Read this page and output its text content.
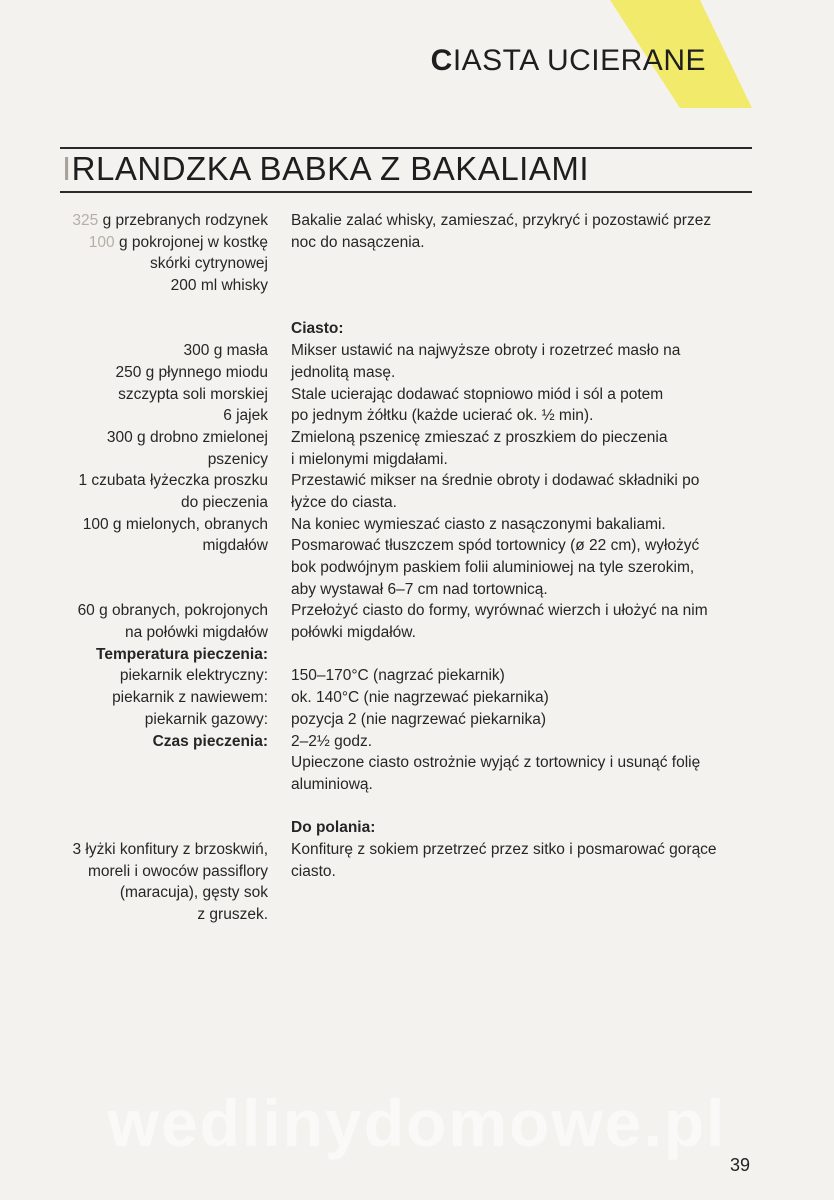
CIASTA UCIERANE
IRLANDZKA BABKA Z BAKALIAMI
325 g przebranych rodzynek
100 g pokrojonej w kostkę
skórki cytrynowej
200 ml whisky
300 g masła
250 g płynnego miodu
szczypta soli morskiej
6 jajek
300 g drobno zmielonej
pszenicy
1 czubata łyżeczka proszku
do pieczenia
100 g mielonych, obranych
migdałów
60 g obranych, pokrojonych
na połówki migdałów
Temperatura pieczenia:
piekarnik elektryczny:
piekarnik z nawiewem:
piekarnik gazowy:
Czas pieczenia:
3 łyżki konfitury z brzoskwiń,
moreli i owoców passiflory
(maracuja), gęsty sok
z gruszek.
Bakalie zalać whisky, zamieszać, przykryć i pozostawić przez
noc do nasączenia.
Ciasto:
Mikser ustawić na najwyższe obroty i rozetrzeć masło na
jednolitą masę.
Stale ucierając dodawać stopniowo miód i sól a potem
po jednym żółtku (każde ucierać ok. ½ min).
Zmieloną pszenicę zmieszać z proszkiem do pieczenia
i mielonymi migdałami.
Przestawić mikser na średnie obroty i dodawać składniki po
łyżce do ciasta.
Na koniec wymieszać ciasto z nasączonymi bakaliami.
Posmarować tłuszczem spód tortownicy (ø 22 cm), wyłożyć
bok podwójnym paskiem folii aluminiowej na tyle szerokim,
aby wystawał 6–7 cm nad tortownicą.
Przełożyć ciasto do formy, wyrównać wierzch i ułożyć na nim
połówki migdałów.
150–170°C (nagrzać piekarnik)
ok. 140°C (nie nagrzewać piekarnika)
pozycja 2 (nie nagrzewać piekarnika)
2–2½ godz.
Upieczone ciasto ostrożnie wyjąć z tortownicy i usunąć folię
aluminiową.
Do polania:
Konfiturę z sokiem przetrzeć przez sitko i posmarować gorące
ciasto.
wedlinydomowe.pl
39
